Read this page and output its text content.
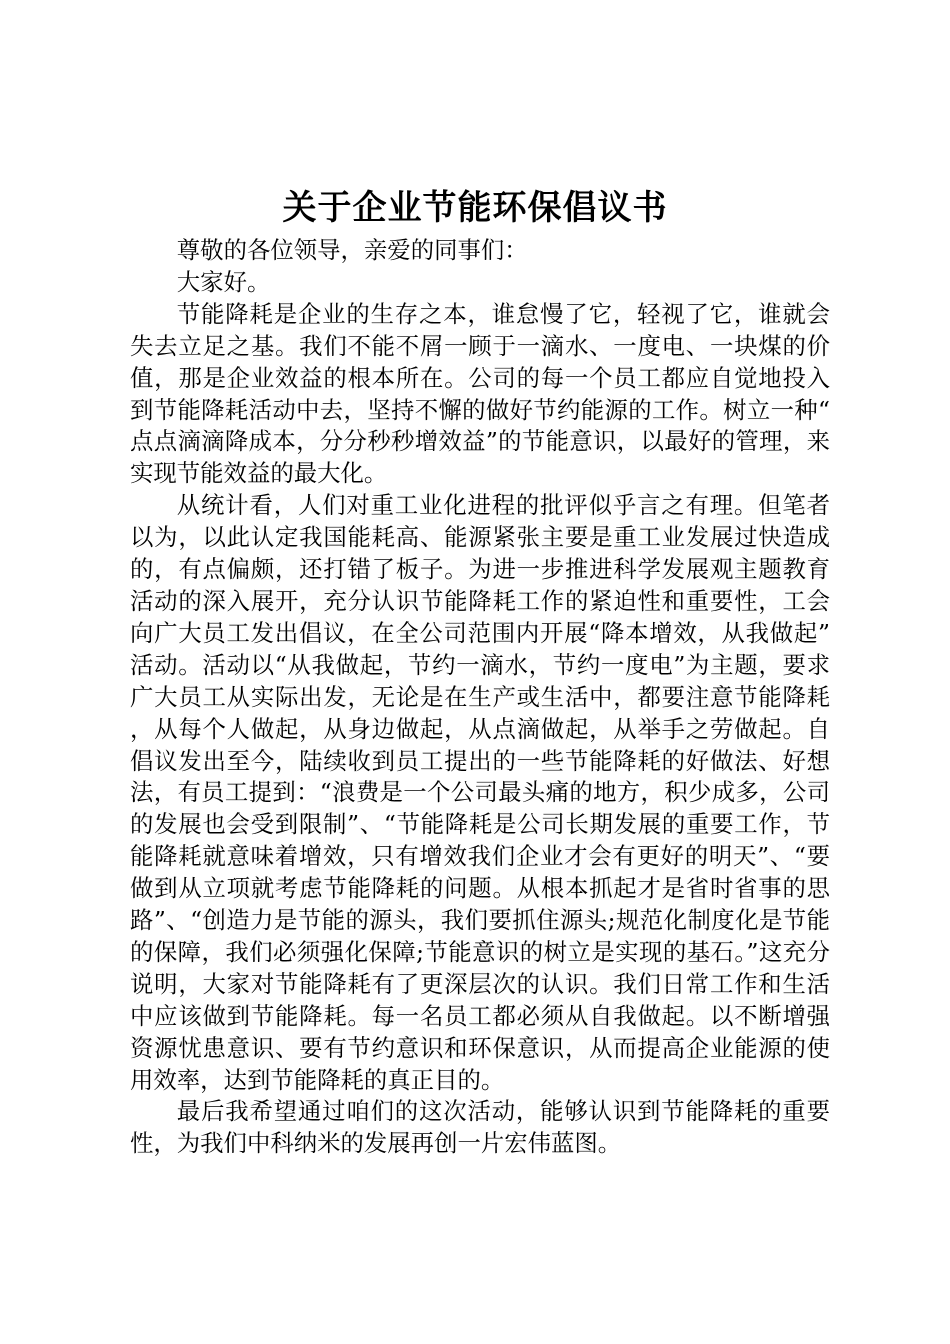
关于企业节能环保倡议书

尊敬的各位领导，亲爱的同事们：

大家好。

节能降耗是企业的生存之本，谁怠慢了它，轻视了它，谁就会失去立足之基。我们不能不屑一顾于一滴水、一度电、一块煤的价值，那是企业效益的根本所在。公司的每一个员工都应自觉地投入到节能降耗活动中去，坚持不懈的做好节约能源的工作。树立一种“点点滴滴降成本，分分秒秒增效益”的节能意识，以最好的管理，来实现节能效益的最大化。

从统计看，人们对重工业化进程的批评似乎言之有理。但笔者以为，以此认定我国能耗高、能源紧张主要是重工业发展过快造成的，有点偏颇，还打错了板子。为进一步推进科学发展观主题教育活动的深入展开，充分认识节能降耗工作的紧迫性和重要性，工会向广大员工发出倡议，在全公司范围内开展“降本增效，从我做起”活动。活动以“从我做起，节约一滴水，节约一度电”为主题，要求广大员工从实际出发，无论是在生产或生活中，都要注意节能降耗，从每个人做起，从身边做起，从点滴做起，从举手之劳做起。自倡议发出至今，陆续收到员工提出的一些节能降耗的好做法、好想法，有员工提到：“浪费是一个公司最头痛的地方，积少成多，公司的发展也会受到限制”、“节能降耗是公司长期发展的重要工作，节能降耗就意味着增效，只有增效我们企业才会有更好的明天”、“要做到从立项就考虑节能降耗的问题。从根本抓起才是省时省事的思路”、“创造力是节能的源头，我们要抓住源头;规范化制度化是节能的保障，我们必须强化保障;节能意识的树立是实现的基石。”这充分说明，大家对节能降耗有了更深层次的认识。我们日常工作和生活中应该做到节能降耗。每一名员工都必须从自我做起。以不断增强资源忧患意识、要有节约意识和环保意识，从而提高企业能源的使用效率，达到节能降耗的真正目的。

最后我希望通过咱们的这次活动，能够认识到节能降耗的重要性，为我们中科纳米的发展再创一片宏伟蓝图。
